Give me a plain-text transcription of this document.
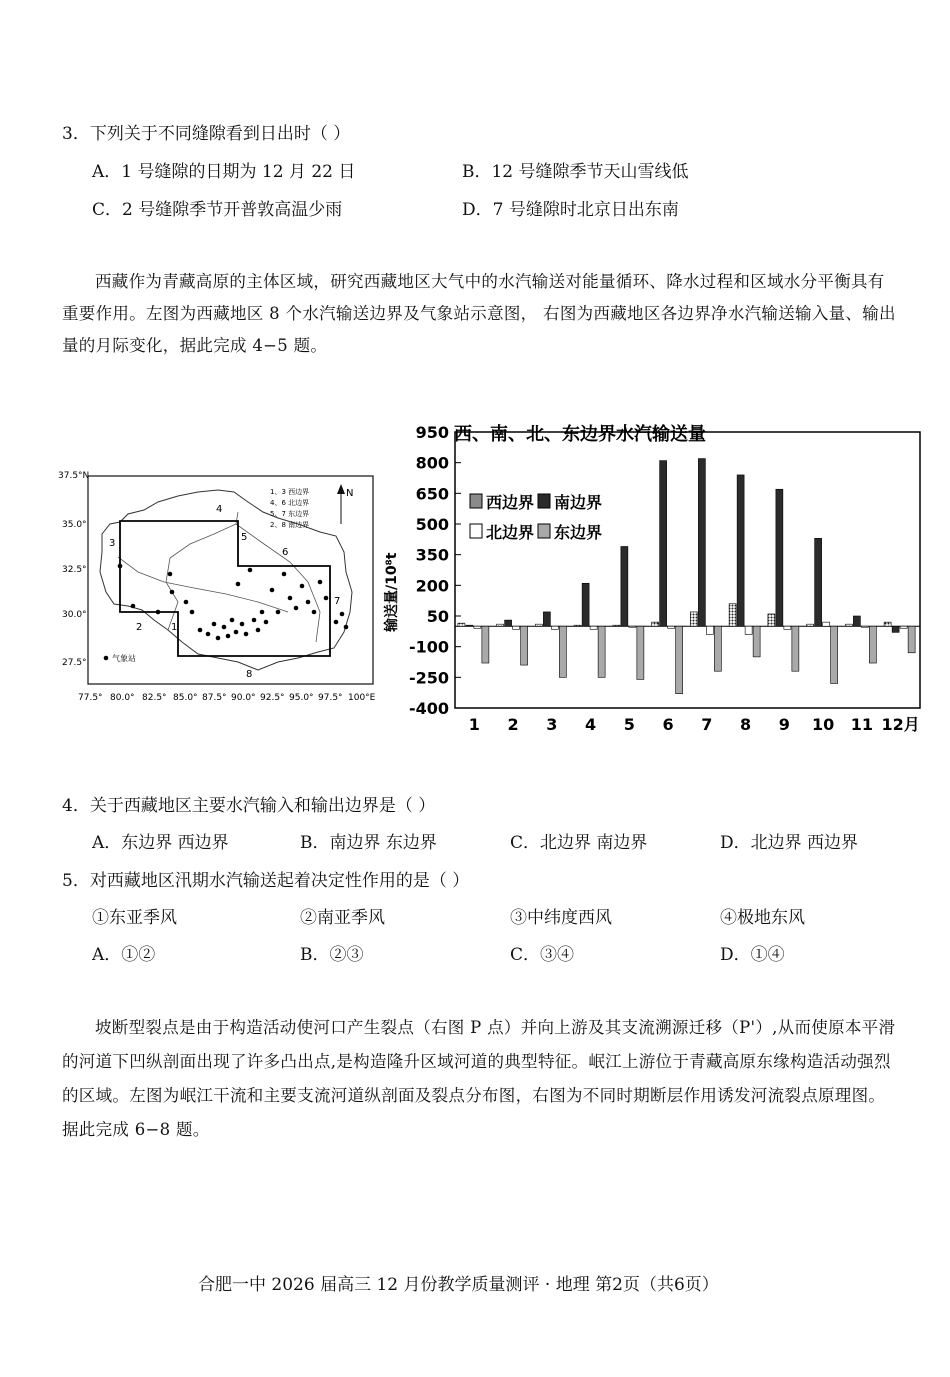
3．下列关于不同缝隙看到日出时（ ）
A．1 号缝隙的日期为 12 月 22 日	B．12 号缝隙季节天山雪线低
C．2 号缝隙季节开普敦高温少雨	D．7 号缝隙时北京日出东南

西藏作为青藏高原的主体区域，研究西藏地区大气中的水汽输送对能量循环、降水过程和区域水分平衡具有重要作用。左图为西藏地区 8 个水汽输送边界及气象站示意图， 右图为西藏地区各边界净水汽输送输入量、输出量的月际变化，据此完成 4−5 题。

37.5°N
35.0°
32.5°
30.0°
27.5°
77.5° 80.0° 82.5° 85.0° 87.5° 90.0° 92.5° 95.0° 97.5° 100°E
1
2
3
4
5
6
7
8
1、3 西边界
4、6 北边界
5、7 东边界
2、8 南边界
N
气象站
西、南、北、东边界水汽输送量
输送量/10⁸t
950
800
650
500
350
200
50
-100
-250
-400
1 2 3 4 5 6 7 8 9 10 11 12月
西边界 南边界
北边界 东边界
4．关于西藏地区主要水汽输入和输出边界是（ ）
A．东边界 西边界	B．南边界 东边界	C．北边界 南边界	D．北边界 西边界
5．对西藏地区汛期水汽输送起着决定性作用的是（ ）
①东亚季风	②南亚季风	③中纬度西风	④极地东风
A．①②	B．②③	C．③④	D．①④

坡断型裂点是由于构造活动使河口产生裂点（右图 P 点）并向上游及其支流溯源迁移（P'）,从而使原本平滑的河道下凹纵剖面出现了许多凸出点,是构造隆升区域河道的典型特征。岷江上游位于青藏高原东缘构造活动强烈的区域。左图为岷江干流和主要支流河道纵剖面及裂点分布图，右图为不同时期断层作用诱发河流裂点原理图。据此完成 6−8 题。

合肥一中 2026 届高三 12 月份教学质量测评 · 地理 第2页（共6页）
